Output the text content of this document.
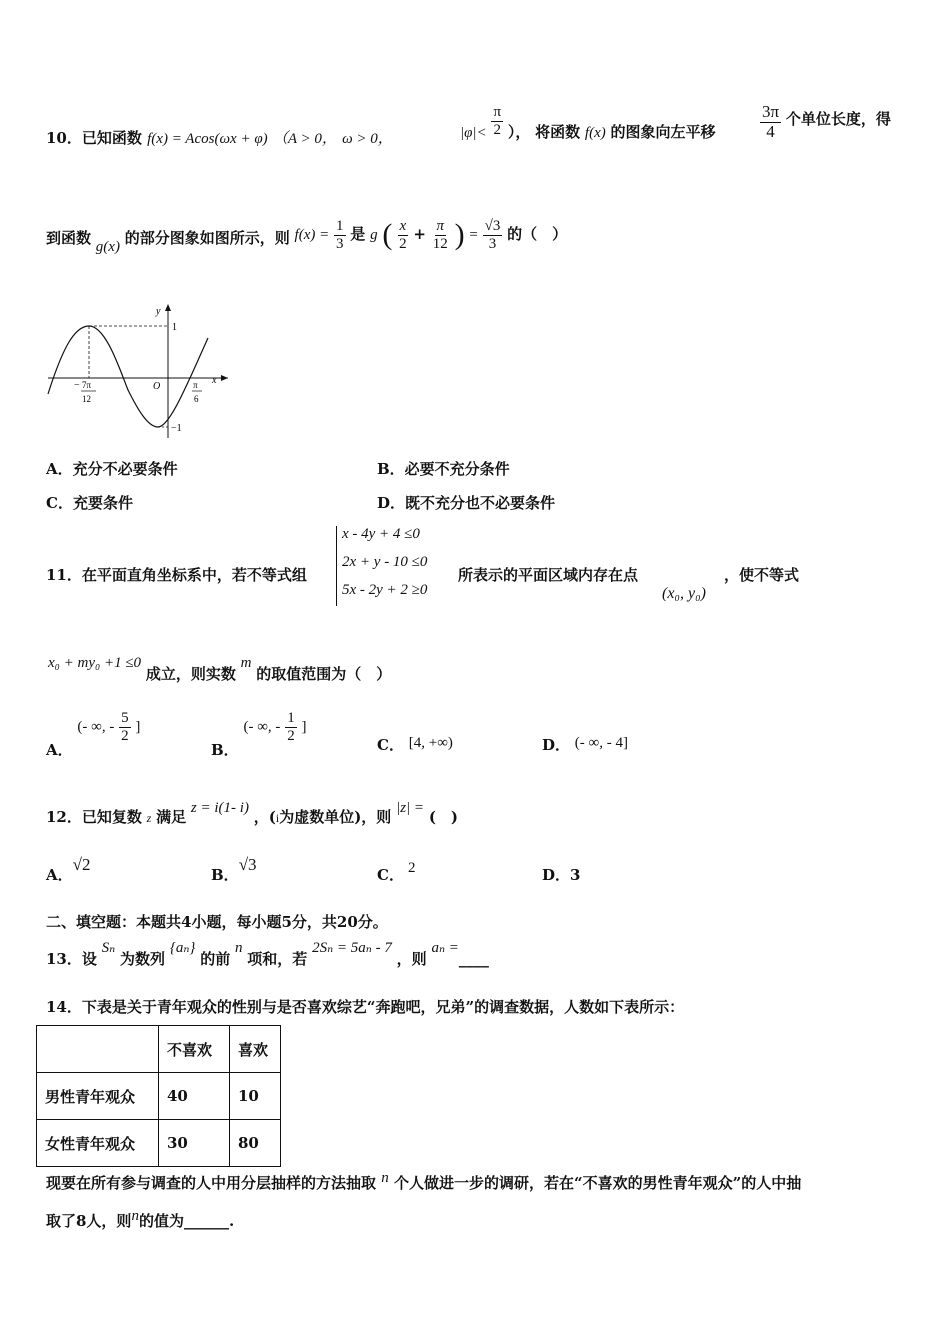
10．已知函数 f(x) = Acos(ωx + φ) （A > 0， ω > 0，	$|\varphi|< \frac{\pi}{2}$ ）， 将函数 f(x) 的图象向左平移	$\frac{3\pi}{4}$ 个单位长度，得
到函数 g(x) 的部分图象如图所示，则 $f(x) = \frac{1}{3}$ 是 g ( $\frac{x}{2} + \frac{\pi}{12}$ ) = $\frac{√3}{3}$ 的（　）
y
x
O
1
−1
− 7π
12
π
6
A．充分不必要条件	B．必要不充分条件
C．充要条件	D．既不充分也不必要条件
11．在平面直角坐标系中，若不等式组
x - 4y + 4 ≤0
2x + y - 10 ≤0
5x - 2y + 2 ≥0
所表示的平面区域内存在点
(x₀, y₀)
，使不等式
x₀ + my₀ +1 ≤0 成立，则实数 m 的取值范围为（　）
A． (- ∞, - $\frac{5}{2}$ ]
B． (- ∞, - $\frac{1}{2}$ ]
C． [4, +∞)	D． (- ∞, - 4]
12．已知复数 $_z$ 满足 z = i(1- i) ，($_i$为虚数单位)，则 |z| = (　)
A．√2
B．√3
C． 2	D．3
二、填空题：本题共4小题，每小题5分，共20分。
13．设 Sₙ 为数列 {aₙ} 的前 n 项和，若 2Sₙ = 5aₙ - 7 ，则 aₙ =____
14．下表是关于青年观众的性别与是否喜欢综艺“奔跑吧，兄弟”的调查数据，人数如下表所示：
	不喜欢	喜欢
男性青年观众	40	10
女性青年观众	30	80
现要在所有参与调查的人中用分层抽样的方法抽取 n 个人做进一步的调研，若在“不喜欢的男性青年观众”的人中抽
取了8人，则n的值为______.
